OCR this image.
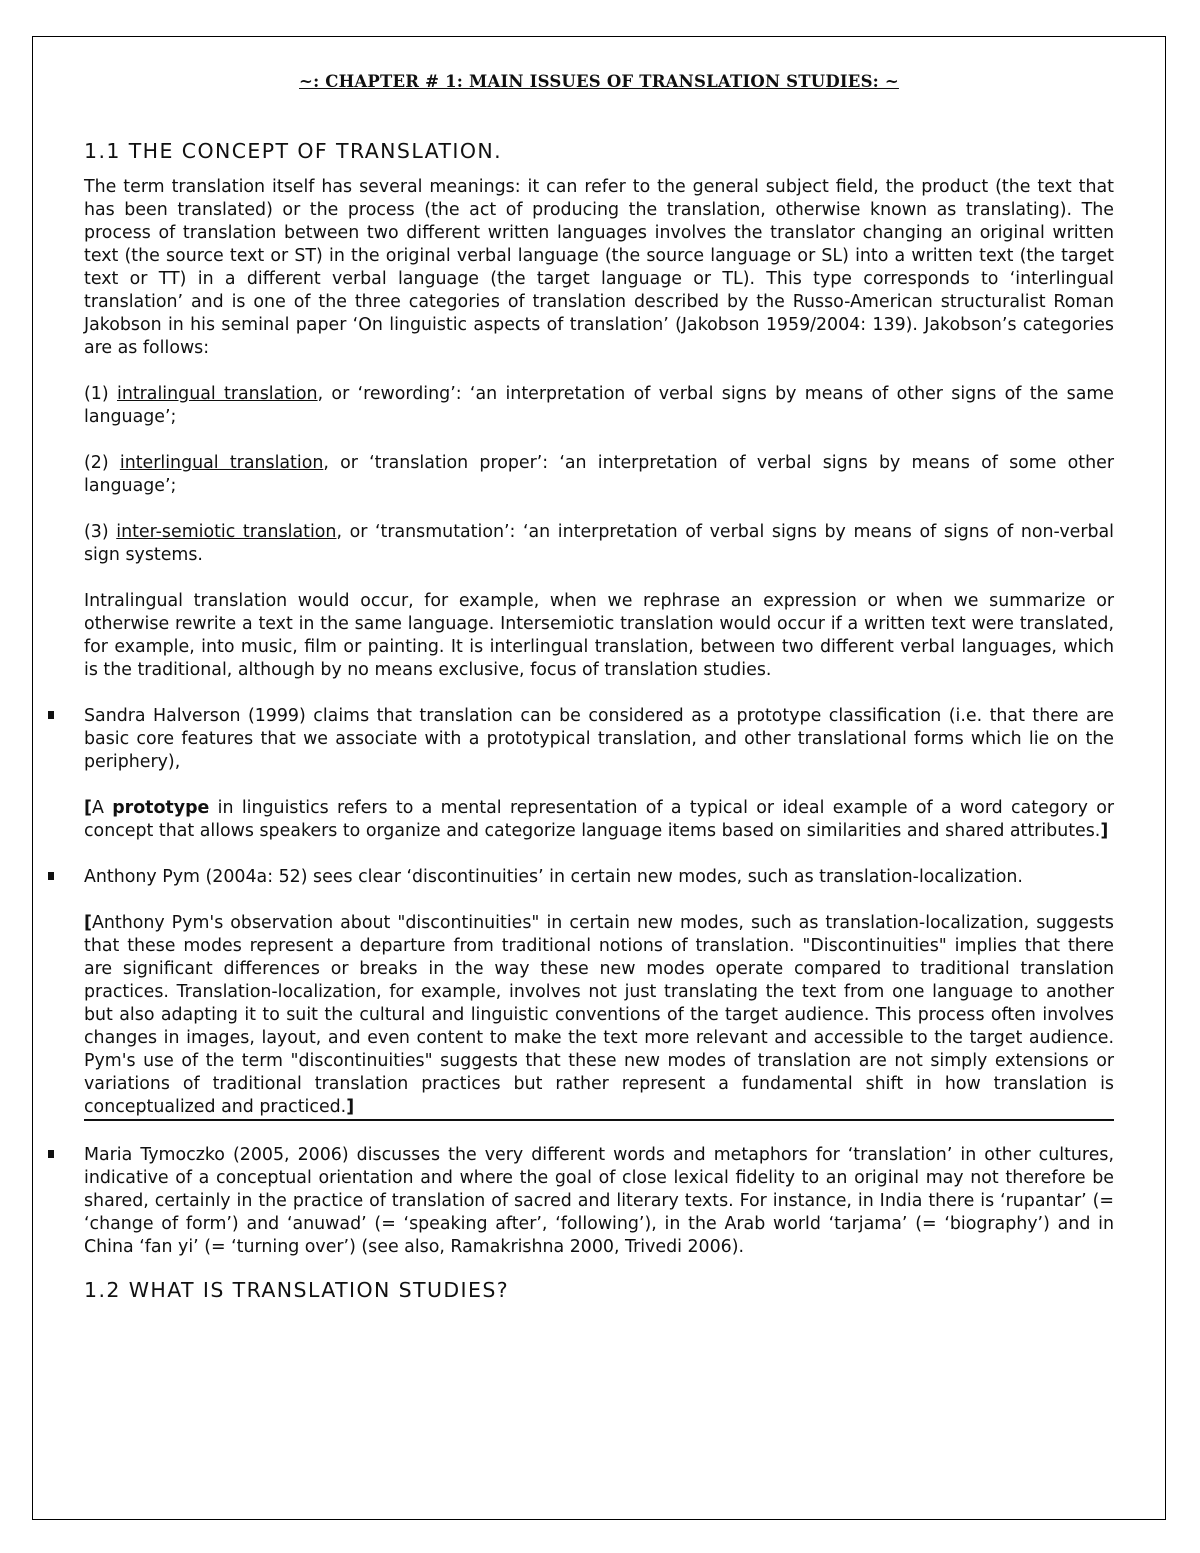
~: CHAPTER # 1: MAIN ISSUES OF TRANSLATION STUDIES: ~
1.1 THE CONCEPT OF TRANSLATION.

The term translation itself has several meanings: it can refer to the general subject field, the product (the text that has been translated) or the process (the act of producing the translation, otherwise known as translating). The process of translation between two different written languages involves the translator changing an original written text (the source text or ST) in the original verbal language (the source language or SL) into a written text (the target text or TT) in a different verbal language (the target language or TL). This type corresponds to ‘interlingual translation’ and is one of the three categories of translation described by the Russo-American structuralist Roman Jakobson in his seminal paper ‘On linguistic aspects of translation’ (Jakobson 1959/2004: 139). Jakobson’s categories are as follows:

(1) intralingual translation, or ‘rewording’: ‘an interpretation of verbal signs by means of other signs of the same language’;

(2) interlingual translation, or ‘translation proper’: ‘an interpretation of verbal signs by means of some other language’;

(3) inter-semiotic translation, or ‘transmutation’: ‘an interpretation of verbal signs by means of signs of non-verbal sign systems.

Intralingual translation would occur, for example, when we rephrase an expression or when we summarize or otherwise rewrite a text in the same language. Intersemiotic translation would occur if a written text were translated, for example, into music, film or painting. It is interlingual translation, between two different verbal languages, which is the traditional, although by no means exclusive, focus of translation studies.

Sandra Halverson (1999) claims that translation can be considered as a prototype classification (i.e. that there are basic core features that we associate with a prototypical translation, and other translational forms which lie on the periphery),

[A prototype in linguistics refers to a mental representation of a typical or ideal example of a word category or concept that allows speakers to organize and categorize language items based on similarities and shared attributes.]

Anthony Pym (2004a: 52) sees clear ‘discontinuities’ in certain new modes, such as translation-localization.

[Anthony Pym's observation about "discontinuities" in certain new modes, such as translation-localization, suggests that these modes represent a departure from traditional notions of translation. "Discontinuities" implies that there are significant differences or breaks in the way these new modes operate compared to traditional translation practices. Translation-localization, for example, involves not just translating the text from one language to another but also adapting it to suit the cultural and linguistic conventions of the target audience. This process often involves changes in images, layout, and even content to make the text more relevant and accessible to the target audience. Pym's use of the term "discontinuities" suggests that these new modes of translation are not simply extensions or variations of traditional translation practices but rather represent a fundamental shift in how translation is conceptualized and practiced.]

Maria Tymoczko (2005, 2006) discusses the very different words and metaphors for ‘translation’ in other cultures, indicative of a conceptual orientation and where the goal of close lexical fidelity to an original may not therefore be shared, certainly in the practice of translation of sacred and literary texts. For instance, in India there is ‘rupantar’ (= ‘change of form’) and ‘anuwad’ (= ‘speaking after’, ‘following’), in the Arab world ‘tarjama’ (= ‘biography’) and in China ‘fan yi’ (= ‘turning over’) (see also, Ramakrishna 2000, Trivedi 2006).

1.2 WHAT IS TRANSLATION STUDIES?
